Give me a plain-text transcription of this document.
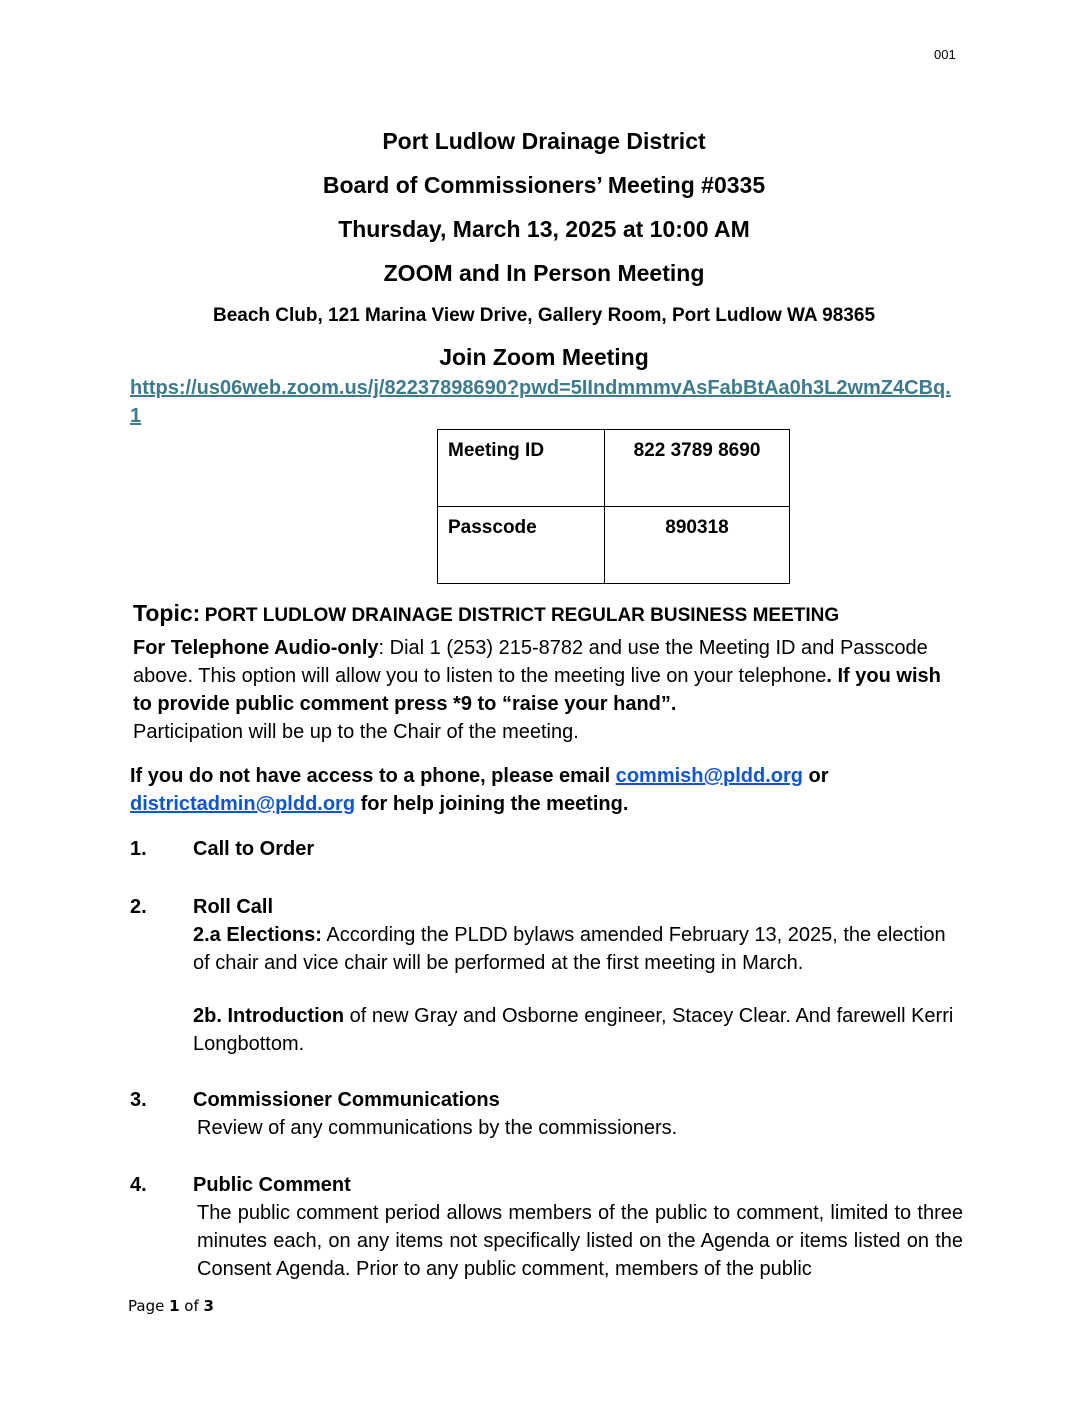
001
Port Ludlow Drainage District
Board of Commissioners’ Meeting #0335
Thursday, March 13, 2025 at 10:00 AM
ZOOM and In Person Meeting
Beach Club, 121 Marina View Drive, Gallery Room, Port Ludlow WA 98365
Join Zoom Meeting
https://us06web.zoom.us/j/82237898690?pwd=5IIndmmmvAsFabBtAa0h3L2wmZ4CBq.1
Meeting ID	822 3789 8690
Passcode	890318
Topic: PORT LUDLOW DRAINAGE DISTRICT REGULAR BUSINESS MEETING
For Telephone Audio-only: Dial 1 (253) 215-8782 and use the Meeting ID and Passcode above. This option will allow you to listen to the meeting live on your telephone. If you wish to provide public comment press *9 to “raise your hand”.
Participation will be up to the Chair of the meeting.
If you do not have access to a phone, please email commish@pldd.org or
districtadmin@pldd.org for help joining the meeting.
1. Call to Order
2. Roll Call
2.a Elections: According the PLDD bylaws amended February 13, 2025, the election of chair and vice chair will be performed at the first meeting in March.
2b. Introduction of new Gray and Osborne engineer, Stacey Clear. And farewell Kerri Longbottom.
3. Commissioner Communications
Review of any communications by the commissioners.
4. Public Comment
The public comment period allows members of the public to comment, limited to three minutes each, on any items not specifically listed on the Agenda or items listed on the Consent Agenda. Prior to any public comment, members of the public
Page 1 of 3
